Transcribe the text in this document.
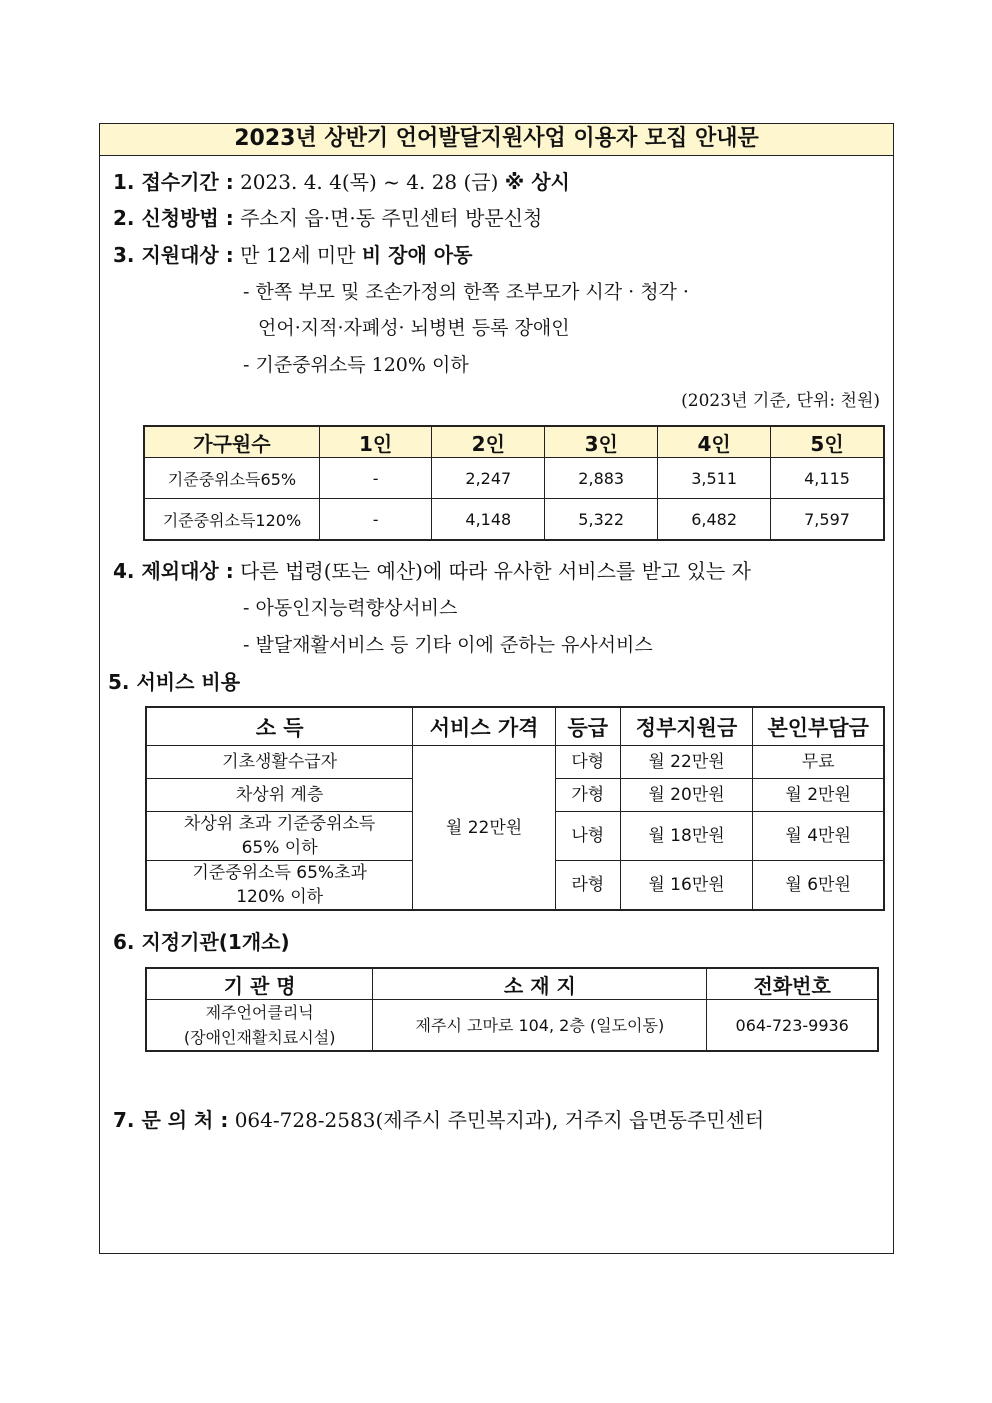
2023년 상반기 언어발달지원사업 이용자 모집 안내문
1. 접수기간 : 2023. 4. 4(목) ~ 4. 28 (금) ※ 상시
2. 신청방법 : 주소지 읍·면·동 주민센터 방문신청
3. 지원대상 : 만 12세 미만 비 장애 아동
- 한쪽 부모 및 조손가정의 한쪽 조부모가 시각 · 청각 ·
언어·지적·자폐성· 뇌병변 등록 장애인
- 기준중위소득 120% 이하
(2023년 기준, 단위: 천원)
가구원수	1인	2인	3인	4인	5인
기준중위소득65%	-	2,247	2,883	3,511	4,115
기준중위소득120%	-	4,148	5,322	6,482	7,597
4. 제외대상 : 다른 법령(또는 예산)에 따라 유사한 서비스를 받고 있는 자
- 아동인지능력향상서비스
- 발달재활서비스 등 기타 이에 준하는 유사서비스
5. 서비스 비용
소 득	서비스 가격	등급	정부지원금	본인부담금
기초생활수급자	월 22만원	다형	월 22만원	무료
차상위 계층		가형	월 20만원	월 2만원

차상위 초과 기준중위소득
65% 이하		나형	월 18만원	월 4만원

기준중위소득 65%초과
120% 이하		라형	월 16만원	월 6만원
6. 지정기관(1개소)
기 관 명	소 재 지	전화번호

제주언어클리닉
(장애인재활치료시설)	제주시 고마로 104, 2층 (일도이동)	064-723-9936
7. 문 의 처 : 064-728-2583(제주시 주민복지과), 거주지 읍면동주민센터
